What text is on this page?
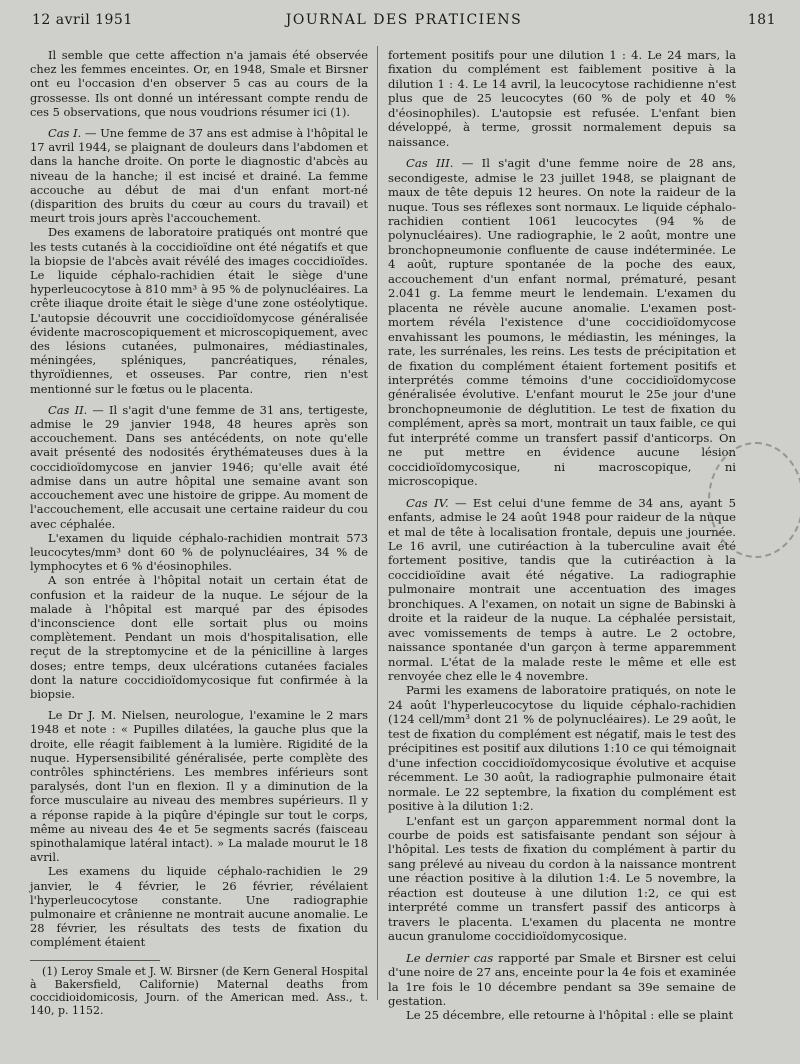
12 avril 1951	JOURNAL DES PRATICIENS	181

Il semble que cette affection n'a jamais été observée chez les femmes enceintes. Or, en 1948, Smale et Birsner ont eu l'occasion d'en observer 5 cas au cours de la grossesse. Ils ont donné un intéressant compte rendu de ces 5 observations, que nous voudrions résumer ici (1).

Cas I. — Une femme de 37 ans est admise à l'hôpital le 17 avril 1944, se plaignant de douleurs dans l'abdomen et dans la hanche droite. On porte le diagnostic d'abcès au niveau de la hanche; il est incisé et drainé. La femme accouche au début de mai d'un enfant mort-né (disparition des bruits du cœur au cours du travail) et meurt trois jours après l'accouchement.

Des examens de laboratoire pratiqués ont montré que les tests cutanés à la coccidioïdine ont été négatifs et que la biopsie de l'abcès avait révélé des images coccidioïdes. Le liquide céphalo-rachidien était le siège d'une hyperleucocytose à 810 mm³ à 95 % de polynucléaires. La crête iliaque droite était le siège d'une zone ostéolytique. L'autopsie découvrit une coccidioïdomycose généralisée évidente macroscopiquement et microscopiquement, avec des lésions cutanées, pulmonaires, médiastinales, méningées, spléniques, pancréatiques, rénales, thyroïdiennes, et osseuses. Par contre, rien n'est mentionné sur le fœtus ou le placenta.

Cas II. — Il s'agit d'une femme de 31 ans, tertigeste, admise le 29 janvier 1948, 48 heures après son accouchement. Dans ses antécédents, on note qu'elle avait présenté des nodosités érythémateuses dues à la coccidioïdomycose en janvier 1946; qu'elle avait été admise dans un autre hôpital une semaine avant son accouchement avec une histoire de grippe. Au moment de l'accouchement, elle accusait une certaine raideur du cou avec céphalée.

L'examen du liquide céphalo-rachidien montrait 573 leucocytes/mm³ dont 60 % de polynucléaires, 34 % de lymphocytes et 6 % d'éosinophiles.

A son entrée à l'hôpital notait un certain état de confusion et la raideur de la nuque. Le séjour de la malade à l'hôpital est marqué par des épisodes d'inconscience dont elle sortait plus ou moins complètement. Pendant un mois d'hospitalisation, elle reçut de la streptomycine et de la pénicilline à larges doses; entre temps, deux ulcérations cutanées faciales dont la nature coccidioïdomycosique fut confirmée à la biopsie.

Le Dr J. M. Nielsen, neurologue, l'examine le 2 mars 1948 et note : « Pupilles dilatées, la gauche plus que la droite, elle réagit faiblement à la lumière. Rigidité de la nuque. Hypersensibilité généralisée, perte complète des contrôles sphinctériens. Les membres inférieurs sont paralysés, dont l'un en flexion. Il y a diminution de la force musculaire au niveau des membres supérieurs. Il y a réponse rapide à la piqûre d'épingle sur tout le corps, même au niveau des 4e et 5e segments sacrés (faisceau spinothalamique latéral intact). » La malade mourut le 18 avril.

Les examens du liquide céphalo-rachidien le 29 janvier, le 4 février, le 26 février, révélaient l'hyperleucocytose constante. Une radiographie pulmonaire et crânienne ne montrait aucune anomalie. Le 28 février, les résultats des tests de fixation du complément étaient

(1) Leroy Smale et J. W. Birsner (de Kern General Hospital à Bakersfield, Californie) Maternal deaths from coccidioidomicosis, Journ. of the American med. Ass., t. 140, p. 1152.

fortement positifs pour une dilution 1 : 4. Le 24 mars, la fixation du complément est faiblement positive à la dilution 1 : 4. Le 14 avril, la leucocytose rachidienne n'est plus que de 25 leucocytes (60 % de poly et 40 % d'éosinophiles). L'autopsie est refusée. L'enfant bien développé, à terme, grossit normalement depuis sa naissance.

Cas III. — Il s'agit d'une femme noire de 28 ans, secondigeste, admise le 23 juillet 1948, se plaignant de maux de tête depuis 12 heures. On note la raideur de la nuque. Tous ses réflexes sont normaux. Le liquide céphalo-rachidien contient 1061 leucocytes (94 % de polynucléaires). Une radiographie, le 2 août, montre une bronchopneumonie confluente de cause indéterminée. Le 4 août, rupture spontanée de la poche des eaux, accouchement d'un enfant normal, prématuré, pesant 2.041 g. La femme meurt le lendemain. L'examen du placenta ne révèle aucune anomalie. L'examen post-mortem révéla l'existence d'une coccidioïdomycose envahissant les poumons, le médiastin, les méninges, la rate, les surrénales, les reins. Les tests de précipitation et de fixation du complément étaient fortement positifs et interprétés comme témoins d'une coccidioïdomycose généralisée évolutive. L'enfant mourut le 25e jour d'une bronchopneumonie de déglutition. Le test de fixation du complément, après sa mort, montrait un taux faible, ce qui fut interprété comme un transfert passif d'anticorps. On ne put mettre en évidence aucune lésion coccidioïdomycosique, ni macroscopique, ni microscopique.

Cas IV. — Est celui d'une femme de 34 ans, ayant 5 enfants, admise le 24 août 1948 pour raideur de la nuque et mal de tête à localisation frontale, depuis une journée. Le 16 avril, une cutiréaction à la tuberculine avait été fortement positive, tandis que la cutiréaction à la coccidioïdine avait été négative. La radiographie pulmonaire montrait une accentuation des images bronchiques. A l'examen, on notait un signe de Babinski à droite et la raideur de la nuque. La céphalée persistait, avec vomissements de temps à autre. Le 2 octobre, naissance spontanée d'un garçon à terme apparemment normal. L'état de la malade reste le même et elle est renvoyée chez elle le 4 novembre.

Parmi les examens de laboratoire pratiqués, on note le 24 août l'hyperleucocytose du liquide céphalo-rachidien (124 cell/mm³ dont 21 % de polynucléaires). Le 29 août, le test de fixation du complément est négatif, mais le test des précipitines est positif aux dilutions 1:10 ce qui témoignait d'une infection coccidioïdomycosique évolutive et acquise récemment. Le 30 août, la radiographie pulmonaire était normale. Le 22 septembre, la fixation du complément est positive à la dilution 1:2.

L'enfant est un garçon apparemment normal dont la courbe de poids est satisfaisante pendant son séjour à l'hôpital. Les tests de fixation du complément à partir du sang prélevé au niveau du cordon à la naissance montrent une réaction positive à la dilution 1:4. Le 5 novembre, la réaction est douteuse à une dilution 1:2, ce qui est interprété comme un transfert passif des anticorps à travers le placenta. L'examen du placenta ne montre aucun granulome coccidioïdomycosique.

Le dernier cas rapporté par Smale et Birsner est celui d'une noire de 27 ans, enceinte pour la 4e fois et examinée la 1re fois le 10 décembre pendant sa 39e semaine de gestation.

Le 25 décembre, elle retourne à l'hôpital : elle se plaint
